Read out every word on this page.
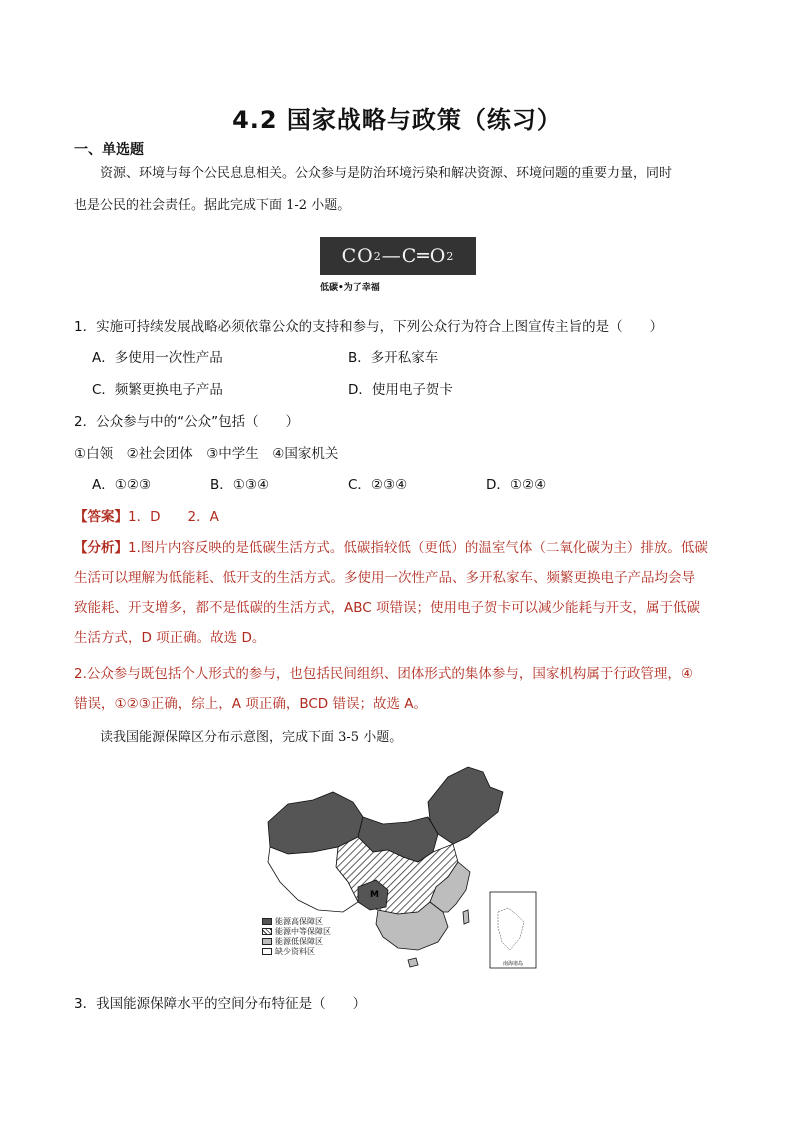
4.2 国家战略与政策（练习）
一、单选题
资源、环境与每个公民息息相关。公众参与是防治环境污染和解决资源、环境问题的重要力量，同时
也是公民的社会责任。据此完成下面 1-2 小题。
CO 2 — C ═ O 2
低碳•为了幸福
1．实施可持续发展战略必须依靠公众的支持和参与，下列公众行为符合上图宣传主旨的是（　　）
A．多使用一次性产品	B．多开私家车
C．频繁更换电子产品	D．使用电子贺卡
2．公众参与中的“公众”包括（　　）
①白领　②社会团体　③中学生　④国家机关
A．①②③	B．①③④	C．②③④	D．①②④
【答案】1．D　　2．A
【分析】1.图片内容反映的是低碳生活方式。低碳指较低（更低）的温室气体（二氧化碳为主）排放。低碳
生活可以理解为低能耗、低开支的生活方式。多使用一次性产品、多开私家车、频繁更换电子产品均会导
致能耗、开支增多，都不是低碳的生活方式，ABC 项错误；使用电子贺卡可以减少能耗与开支，属于低碳
生活方式，D 项正确。故选 D。
2.公众参与既包括个人形式的参与，也包括民间组织、团体形式的集体参与，国家机构属于行政管理，④
错误，①②③正确，综上，A 项正确，BCD 错误；故选 A。
读我国能源保障区分布示意图，完成下面 3-5 小题。
M
南海诸岛
能源高保障区
能源中等保障区
能源低保障区
缺少资料区
3．我国能源保障水平的空间分布特征是（　　）
